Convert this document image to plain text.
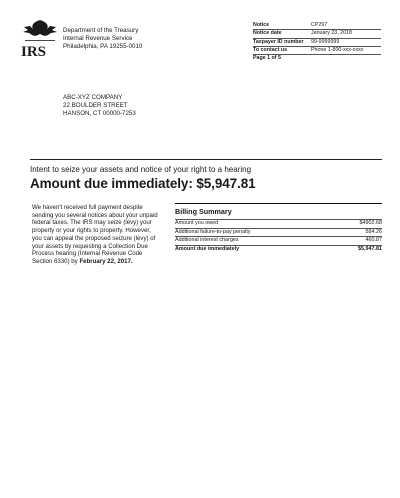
IRS
Department of the Treasury
Internal Revenue Service
Philadelphia, PA 19255-0010
Notice	CP297
Notice date	January 23, 2018
Taxpayer ID number	99-9999999
To contact us	Phone 1-800-xxx-xxxx
Page 1 of 5
ABC-XYZ COMPANY
22 BOULDER STREET
HANSON, CT 00000-7253
Intent to seize your assets and notice of your right to a hearing
Amount due immediately: $5,947.81
We haven't received full payment despite sending you several notices about your unpaid federal taxes. The IRS may seize (levy) your property or your rights to property. However, you can appeal the proposed seizure (levy) of your assets by requesting a Collection Due Process hearing (Internal Revenue Code Section 6330) by February 22, 2017.
Billing Summary
Amount you owed	$4902.68
Additional failure-to-pay penalty	584.26
Additional interest charges	460.87
Amount due immediately	$5,947.81
